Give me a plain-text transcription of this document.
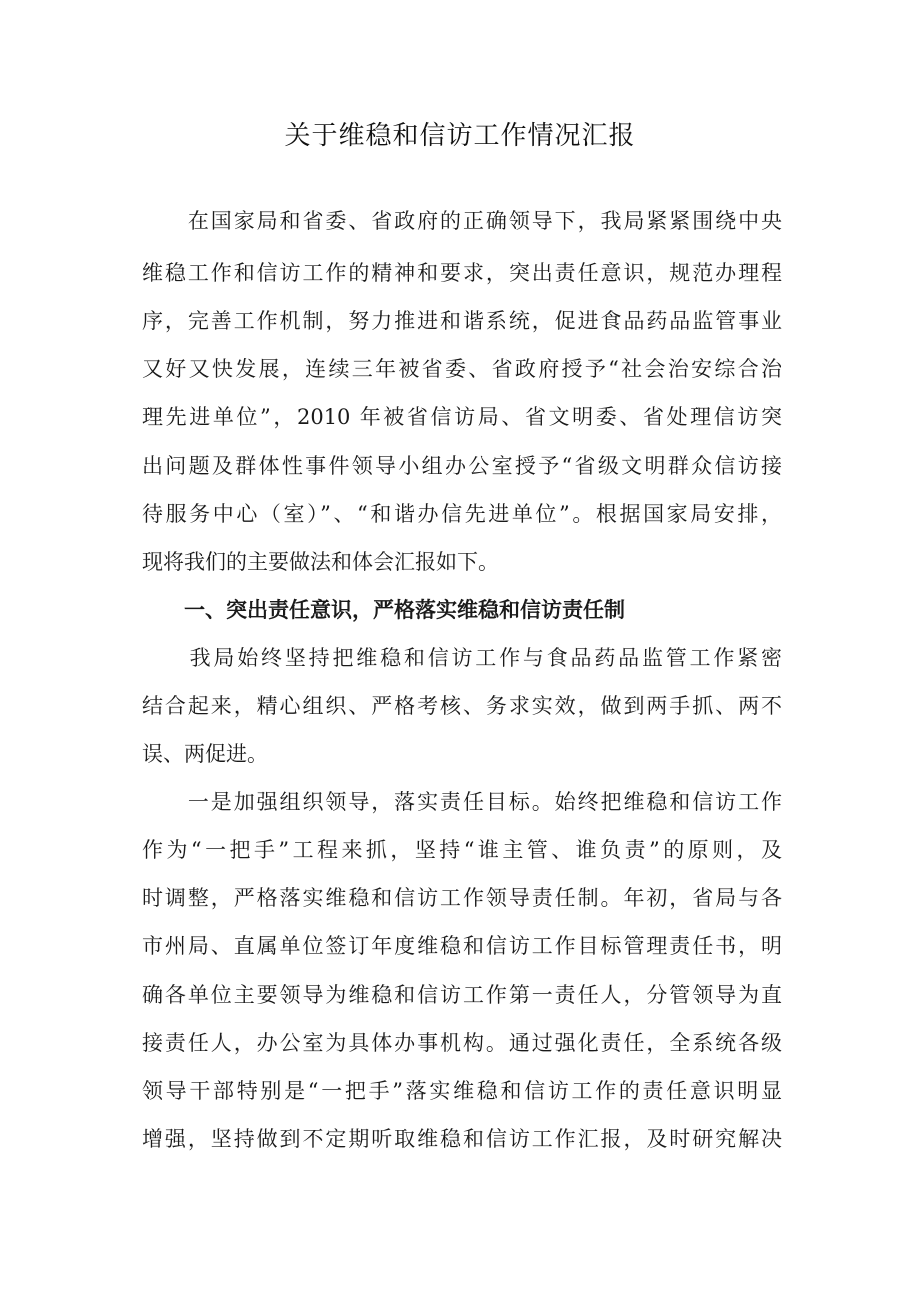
关于维稳和信访工作情况汇报
　　在国家局和省委、省政府的正确领导下，我局紧紧围绕中央
维稳工作和信访工作的精神和要求，突出责任意识，规范办理程
序，完善工作机制，努力推进和谐系统，促进食品药品监管事业
又好又快发展，连续三年被省委、省政府授予“社会治安综合治
理先进单位”，2010 年被省信访局、省文明委、省处理信访突
出问题及群体性事件领导小组办公室授予“省级文明群众信访接
待服务中心（室）”、“和谐办信先进单位”。根据国家局安排，
现将我们的主要做法和体会汇报如下。
　　一、突出责任意识，严格落实维稳和信访责任制
　　我局始终坚持把维稳和信访工作与食品药品监管工作紧密
结合起来，精心组织、严格考核、务求实效，做到两手抓、两不
误、两促进。
　　一是加强组织领导，落实责任目标。始终把维稳和信访工作
作为“一把手”工程来抓，坚持“谁主管、谁负责”的原则，及
时调整，严格落实维稳和信访工作领导责任制。年初，省局与各
市州局、直属单位签订年度维稳和信访工作目标管理责任书，明
确各单位主要领导为维稳和信访工作第一责任人，分管领导为直
接责任人，办公室为具体办事机构。通过强化责任，全系统各级
领导干部特别是“一把手”落实维稳和信访工作的责任意识明显
增强，坚持做到不定期听取维稳和信访工作汇报，及时研究解决
